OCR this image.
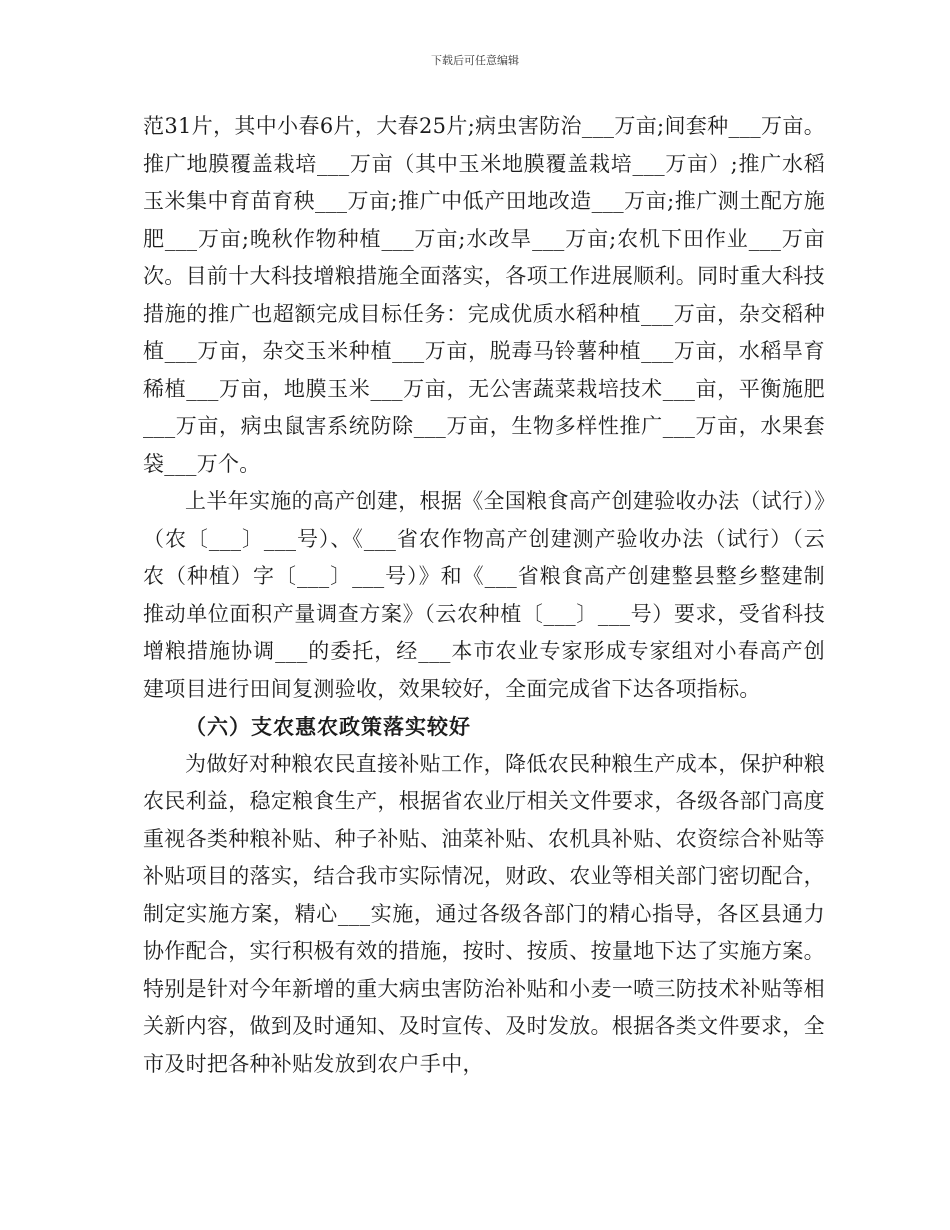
下载后可任意编辑

范31片，其中小春6片，大春25片;病虫害防治___万亩;间套种___万亩。推广地膜覆盖栽培___万亩（其中玉米地膜覆盖栽培___万亩）;推广水稻玉米集中育苗育秧___万亩;推广中低产田地改造___万亩;推广测土配方施肥___万亩;晚秋作物种植___万亩;水改旱___万亩;农机下田作业___万亩次。目前十大科技增粮措施全面落实，各项工作进展顺利。同时重大科技措施的推广也超额完成目标任务：完成优质水稻种植___万亩，杂交稻种植___万亩，杂交玉米种植___万亩，脱毒马铃薯种植___万亩，水稻旱育稀植___万亩，地膜玉米___万亩，无公害蔬菜栽培技术___亩，平衡施肥___万亩，病虫鼠害系统防除___万亩，生物多样性推广___万亩，水果套袋___万个。

上半年实施的高产创建，根据《全国粮食高产创建验收办法（试行）》（农〔___〕___号）、《___省农作物高产创建测产验收办法（试行）（云农（种植）字〔___〕___号）》和《___省粮食高产创建整县整乡整建制推动单位面积产量调查方案》（云农种植〔___〕___号）要求，受省科技增粮措施协调___的委托，经___本市农业专家形成专家组对小春高产创建项目进行田间复测验收，效果较好，全面完成省下达各项指标。

（六）支农惠农政策落实较好

为做好对种粮农民直接补贴工作，降低农民种粮生产成本，保护种粮农民利益，稳定粮食生产，根据省农业厅相关文件要求，各级各部门高度重视各类种粮补贴、种子补贴、油菜补贴、农机具补贴、农资综合补贴等补贴项目的落实，结合我市实际情况，财政、农业等相关部门密切配合，制定实施方案，精心___实施，通过各级各部门的精心指导，各区县通力协作配合，实行积极有效的措施，按时、按质、按量地下达了实施方案。特别是针对今年新增的重大病虫害防治补贴和小麦一喷三防技术补贴等相关新内容，做到及时通知、及时宣传、及时发放。根据各类文件要求，全市及时把各种补贴发放到农户手中，
